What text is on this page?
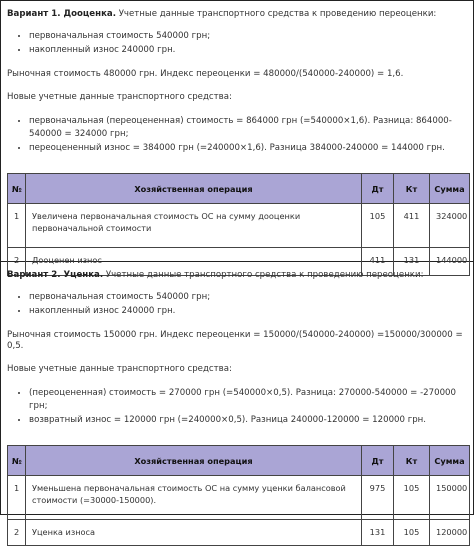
Вариант 1. Дооценка. Учетные данные транспортного средства к проведению переоценки:

• первоначальная стоимость 540000 грн;
• накопленный износ 240000 грн.

Рыночная стоимость 480000 грн. Индекс переоценки = 480000/(540000-240000) = 1,6.

Новые учетные данные транспортного средства:

• первоначальная (переоцененная) стоимость = 864000 грн (=540000×1,6). Разница: 864000-540000 = 324000 грн;
• переоцененный износ = 384000 грн (=240000×1,6). Разница 384000-240000 = 144000 грн.
№	Хозяйственная операция	Дт	Кт	Сумма
1	Увеличена первоначальная стоимость ОС на сумму дооценки первоначальной стоимости	105	411	324000
2	Дооценен износ	411	131	144000

Вариант 2. Уценка. Учетные данные транспортного средства к проведению переоценки:

• первоначальная стоимость 540000 грн;
• накопленный износ 240000 грн.

Рыночная стоимость 150000 грн. Индекс переоценки = 150000/(540000-240000) =150000/300000 = 0,5.

Новые учетные данные транспортного средства:

• (переоцененная) стоимость = 270000 грн (=540000×0,5). Разница: 270000-540000 = -270000 грн;
• возвратный износ = 120000 грн (=240000×0,5). Разница 240000-120000 = 120000 грн.
№	Хозяйственная операция	Дт	Кт	Сумма
1	Уменьшена первоначальная стоимость ОС на сумму уценки балансовой стоимости (=30000-150000).	975	105	150000
2	Уценка износа	131	105	120000
